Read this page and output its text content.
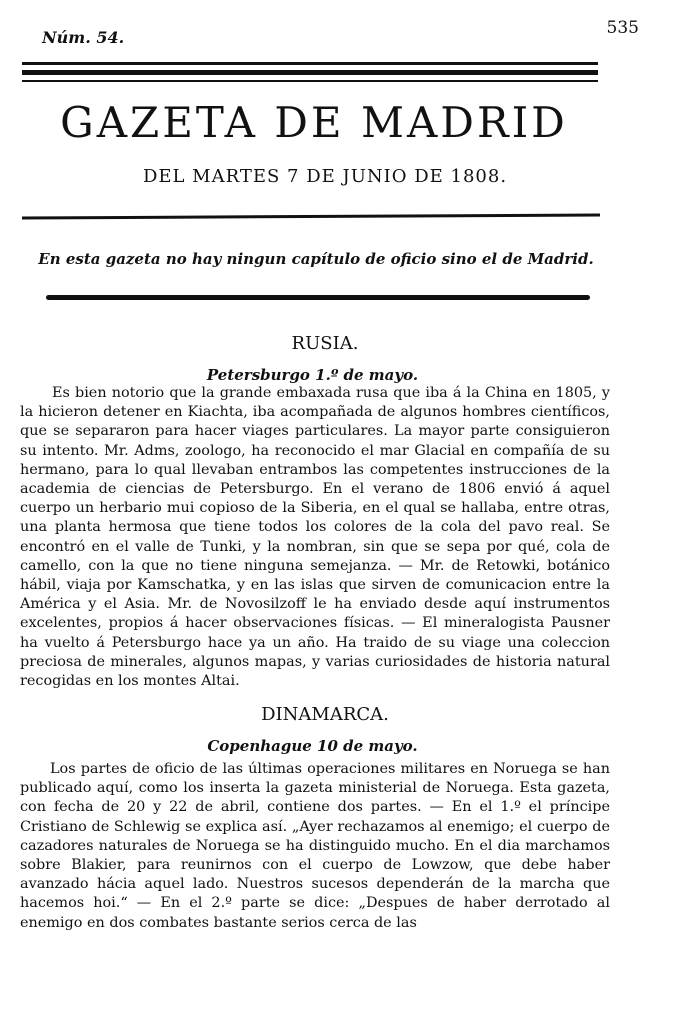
Núm. 54.	535
GAZETA DE MADRID
DEL MARTES 7 DE JUNIO DE 1808.
En esta gazeta no hay ningun capítulo de oficio sino el de Madrid.
RUSIA.
Petersburgo 1.º de mayo.

Es bien notorio que la grande embaxada rusa que iba á la China en 1805, y la hicieron detener en Kiachta, iba acompañada de algunos hombres científicos, que se separaron para hacer viages particulares. La mayor parte consiguieron su intento. Mr. Adms, zoologo, ha reconocido el mar Glacial en compañía de su hermano, para lo qual llevaban entrambos las competentes instrucciones de la academia de ciencias de Petersburgo. En el verano de 1806 envió á aquel cuerpo un herbario mui copioso de la Siberia, en el qual se hallaba, entre otras, una planta hermosa que tiene todos los colores de la cola del pavo real. Se encontró en el valle de Tunki, y la nombran, sin que se sepa por qué, cola de camello, con la que no tiene ninguna semejanza. — Mr. de Retowki, botánico hábil, viaja por Kamschatka, y en las islas que sirven de comunicacion entre la América y el Asia. Mr. de Novosilzoff le ha enviado desde aquí instrumentos excelentes, propios á hacer observaciones físicas. — El mineralogista Pausner ha vuelto á Petersburgo hace ya un año. Ha traido de su viage una coleccion preciosa de minerales, algunos mapas, y varias curiosidades de historia natural recogidas en los montes Altai.

DINAMARCA.
Copenhague 10 de mayo.

Los partes de oficio de las últimas operaciones militares en Noruega se han publicado aquí, como los inserta la gazeta ministerial de Noruega. Esta gazeta, con fecha de 20 y 22 de abril, contiene dos partes. — En el 1.º el príncipe Cristiano de Schlewig se explica así. „Ayer rechazamos al enemigo; el cuerpo de cazadores naturales de Noruega se ha distinguido mucho. En el dia marchamos sobre Blakier, para reunirnos con el cuerpo de Lowzow, que debe haber avanzado hácia aquel lado. Nuestros sucesos dependerán de la marcha que hacemos hoi.“ — En el 2.º parte se dice: „Despues de haber derrotado al enemigo en dos combates bastante serios cerca de las
